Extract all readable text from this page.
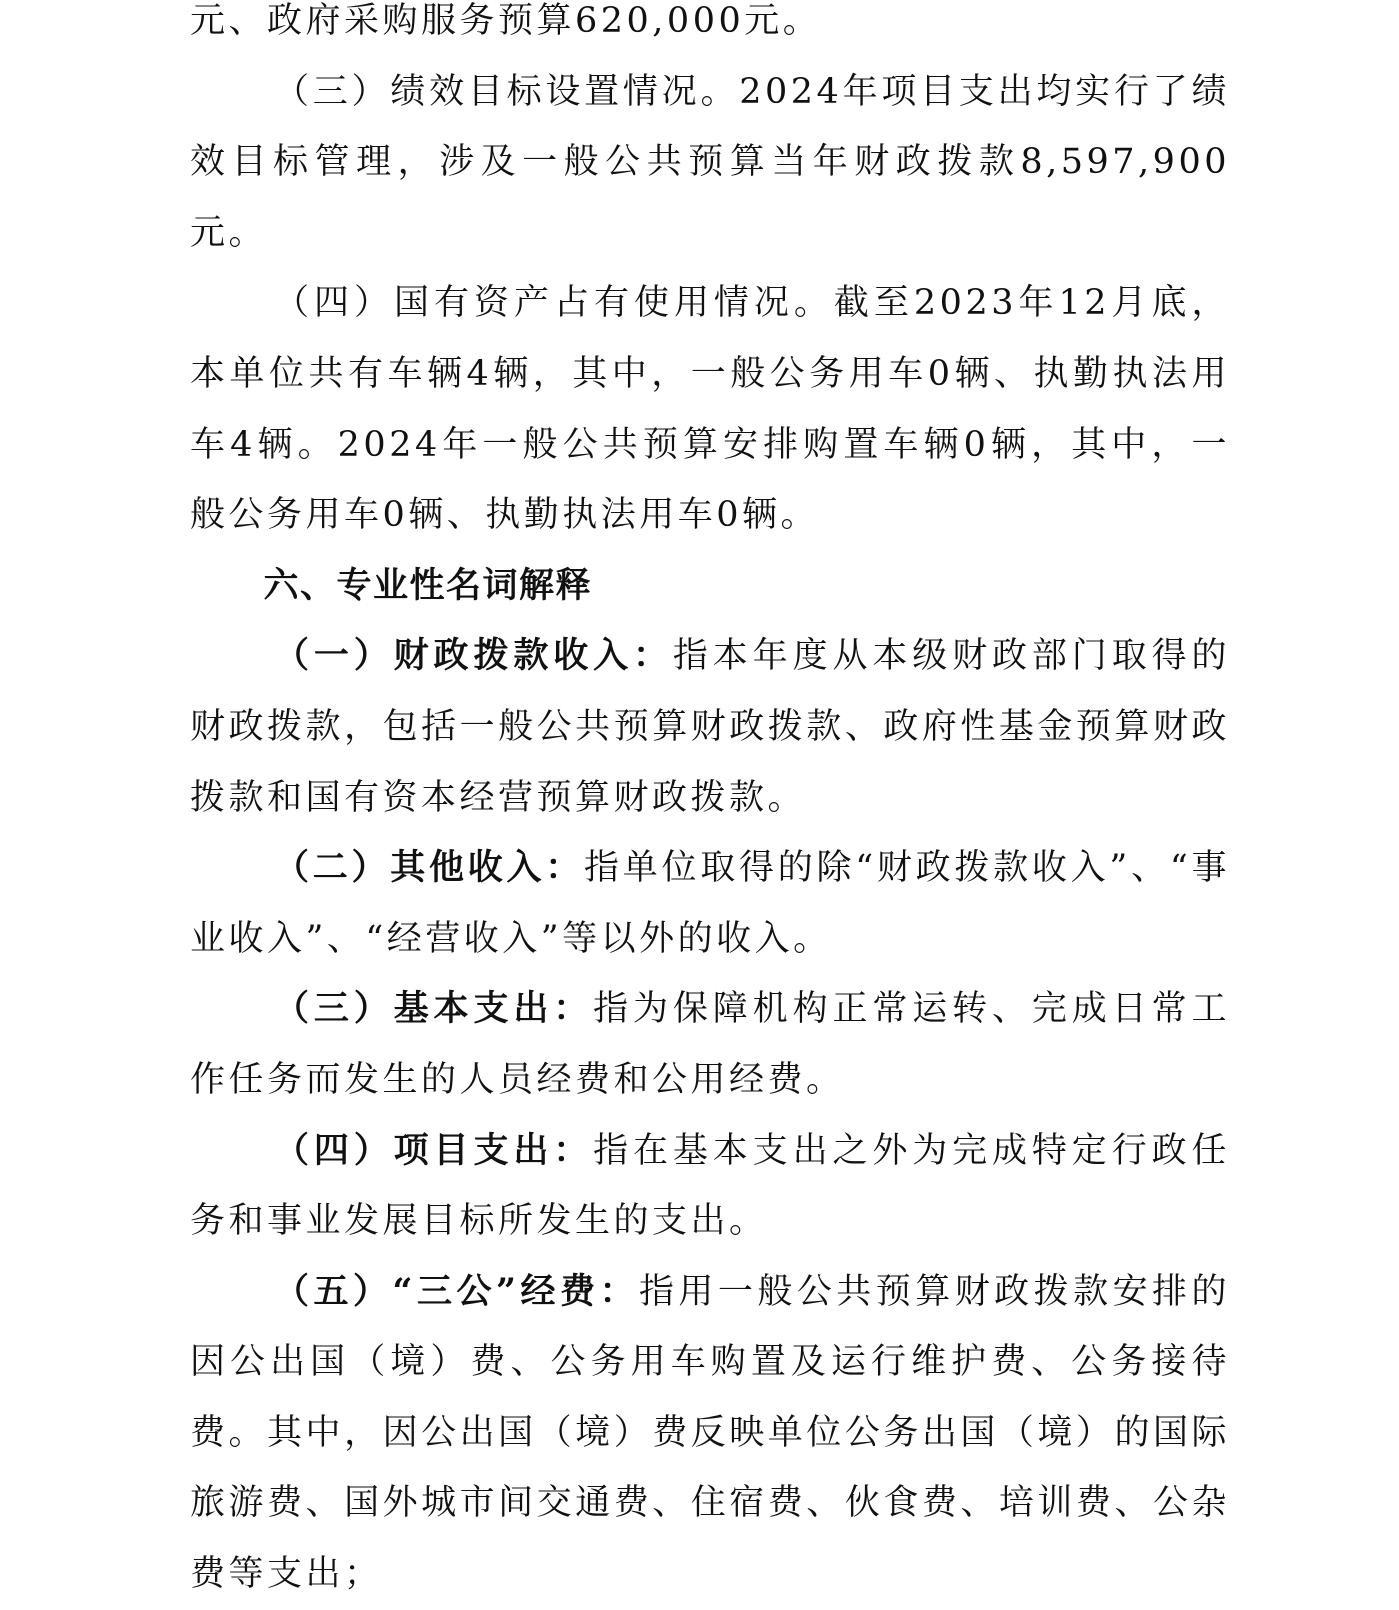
元、政府采购服务预算620,000元。

（三）绩效目标设置情况。2024年项目支出均实行了绩效目标管理，涉及一般公共预算当年财政拨款8,597,900元。

（四）国有资产占有使用情况。截至2023年12月底，本单位共有车辆4辆，其中，一般公务用车0辆、执勤执法用车4辆。2024年一般公共预算安排购置车辆0辆，其中，一般公务用车0辆、执勤执法用车0辆。

六、专业性名词解释

（一）财政拨款收入：指本年度从本级财政部门取得的财政拨款，包括一般公共预算财政拨款、政府性基金预算财政拨款和国有资本经营预算财政拨款。

（二）其他收入：指单位取得的除“财政拨款收入”、“事业收入”、“经营收入”等以外的收入。

（三）基本支出：指为保障机构正常运转、完成日常工作任务而发生的人员经费和公用经费。

（四）项目支出：指在基本支出之外为完成特定行政任务和事业发展目标所发生的支出。

（五）“三公”经费：指用一般公共预算财政拨款安排的因公出国（境）费、公务用车购置及运行维护费、公务接待费。其中，因公出国（境）费反映单位公务出国（境）的国际旅游费、国外城市间交通费、住宿费、伙食费、培训费、公杂费等支出；
